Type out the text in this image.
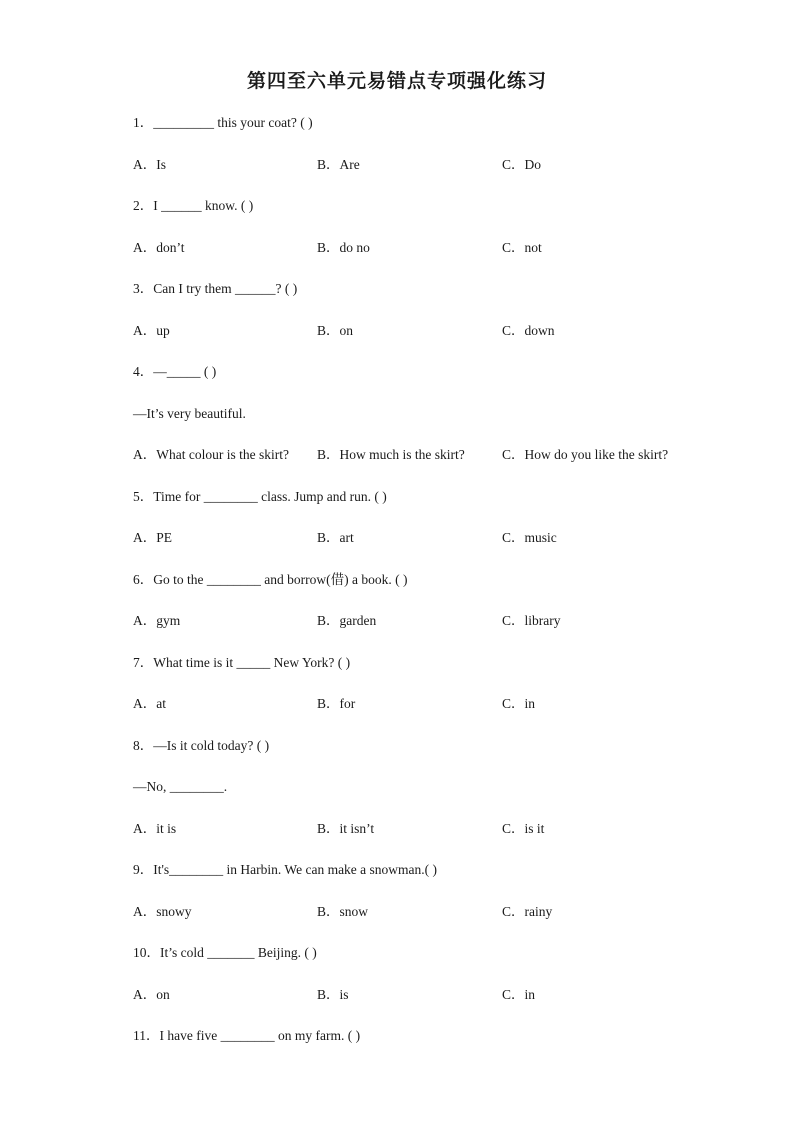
第四至六单元易错点专项强化练习
1．_________ this your coat? ( )
A．Is	B．Are	C．Do
2．I ______ know. ( )
A．don’t	B．do no	C．not
3．Can I try them ______? ( )
A．up	B．on	C．down
4．—_____ ( )
—It’s very beautiful.
A．What colour is the skirt? B．How much is the skirt?	C．How do you like the skirt?
5．Time for ________ class. Jump and run. ( )
A．PE	B．art	C．music
6．Go to the ________ and borrow(借) a book. ( )
A．gym	B．garden	C．library
7．What time is it _____ New York? ( )
A．at	B．for	C．in
8．—Is it cold today? ( )
—No, ________.
A．it is	B．it isn’t	C．is it
9．It's________ in Harbin. We can make a snowman.( )
A．snowy	B．snow	C．rainy
10．It’s cold _______ Beijing. ( )
A．on	B．is	C．in
11．I have five ________ on my farm. ( )
